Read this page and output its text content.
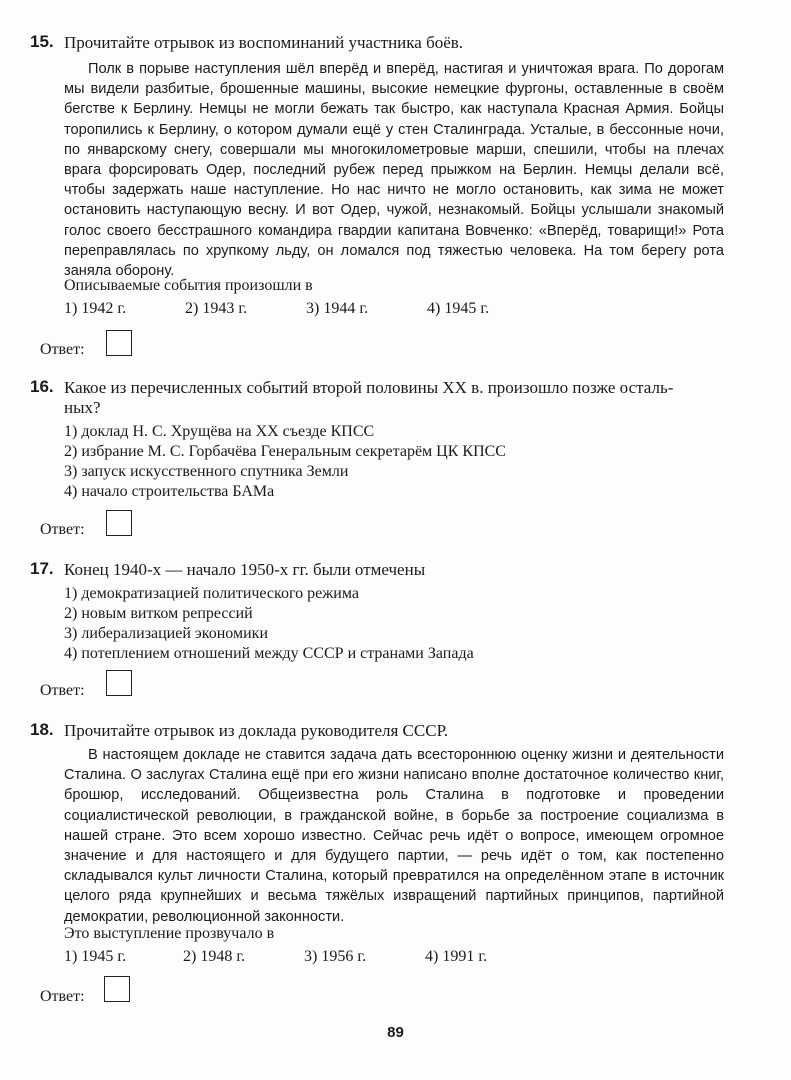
15. Прочитайте отрывок из воспоминаний участника боёв.
Полк в порыве наступления шёл вперёд и вперёд, настигая и уничтожая врага. По дорогам мы видели разбитые, брошенные машины, высокие немецкие фургоны, оставленные в своём бегстве к Берлину. Немцы не могли бежать так быстро, как наступала Красная Армия. Бойцы торопились к Берлину, о котором думали ещё у стен Сталинграда. Усталые, в бессонные ночи, по январскому снегу, совершали мы многокилометровые марши, спешили, чтобы на плечах врага форсировать Одер, последний рубеж перед прыжком на Берлин. Немцы делали всё, чтобы задержать наше наступление. Но нас ничто не могло остановить, как зима не может остановить наступающую весну. И вот Одер, чужой, незнакомый. Бойцы услышали знакомый голос своего бесстрашного командира гвардии капитана Вовченко: «Вперёд, товарищи!» Рота переправлялась по хрупкому льду, он ломался под тяжестью человека. На том берегу рота заняла оборону.
Описываемые события произошли в
1) 1942 г.	2) 1943 г.	3) 1944 г.	4) 1945 г.
Ответ:
16. Какое из перечисленных событий второй половины XX в. произошло позже осталь-
ных?
1) доклад Н. С. Хрущёва на XX съезде КПСС
2) избрание М. С. Горбачёва Генеральным секретарём ЦК КПСС
3) запуск искусственного спутника Земли
4) начало строительства БАМа
Ответ:
17. Конец 1940-х — начало 1950-х гг. были отмечены
1) демократизацией политического режима
2) новым витком репрессий
3) либерализацией экономики
4) потеплением отношений между СССР и странами Запада
Ответ:
18. Прочитайте отрывок из доклада руководителя СССР.
В настоящем докладе не ставится задача дать всестороннюю оценку жизни и деятельности Сталина. О заслугах Сталина ещё при его жизни написано вполне достаточное количество книг, брошюр, исследований. Общеизвестна роль Сталина в подготовке и проведении социалистической революции, в гражданской войне, в борьбе за построение социализма в нашей стране. Это всем хорошо известно. Сейчас речь идёт о вопросе, имеющем огромное значение и для настоящего и для будущего партии, — речь идёт о том, как постепенно складывался культ личности Сталина, который превратился на определённом этапе в источник целого ряда крупнейших и весьма тяжёлых извращений партийных принципов, партийной демократии, революционной законности.
Это выступление прозвучало в
1) 1945 г.	2) 1948 г.	3) 1956 г.	4) 1991 г.
Ответ:
89
